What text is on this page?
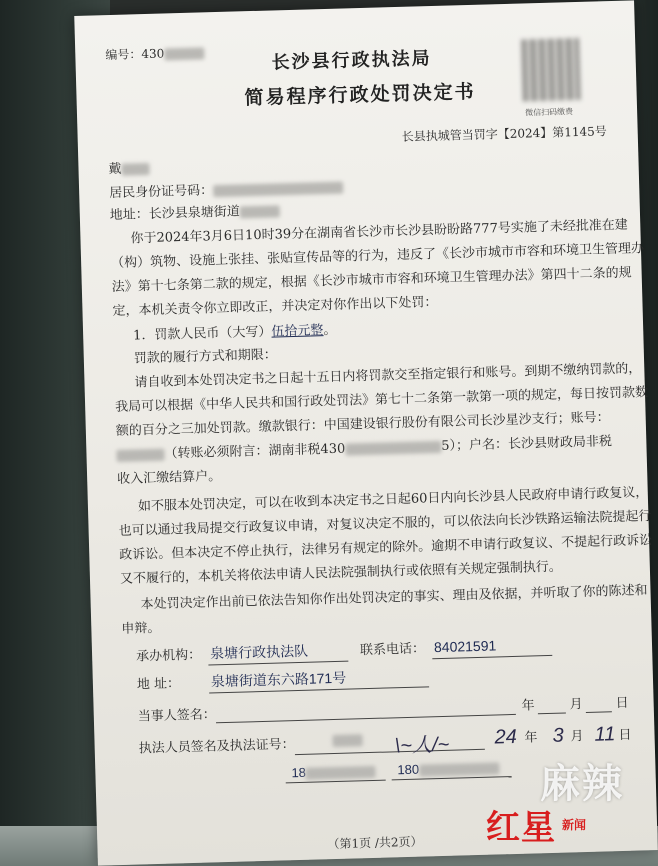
编号：430	长沙县行政执法局
简易程序行政处罚决定书
微信扫码缴费
长县执城管当罚字【2024】第1145号
戴
居民身份证号码：
地址：长沙县泉塘街道
你于2024年3月6日10时39分在湖南省长沙市长沙县盼盼路777号实施了未经批准在建
（构）筑物、设施上张挂、张贴宣传品等的行为，违反了《长沙市城市市容和环境卫生管理办
法》第十七条第二款的规定，根据《长沙市城市市容和环境卫生管理办法》第四十二条的规
定，本机关责令你立即改正，并决定对你作出以下处罚：
1．罚款人民币（大写）伍拾元整。
罚款的履行方式和期限：
请自收到本处罚决定书之日起十五日内将罚款交至指定银行和账号。到期不缴纳罚款的，
我局可以根据《中华人民共和国行政处罚法》第七十二条第一款第一项的规定，每日按罚款数
额的百分之三加处罚款。缴款银行：中国建设银行股份有限公司长沙星沙支行；账号：
（转账必须附言：湖南非税430	5）；户名：长沙县财政局非税
收入汇缴结算户。
如不服本处罚决定，可以在收到本决定书之日起60日内向长沙县人民政府申请行政复议，
也可以通过我局提交行政复议申请，对复议决定不服的，可以依法向长沙铁路运输法院提起行
政诉讼。但本决定不停止执行，法律另有规定的除外。逾期不申请行政复议、不提起行政诉讼
又不履行的，本机关将依法申请人民法院强制执行或依照有关规定强制执行。
本处罚决定作出前已依法告知你作出处罚决定的事实、理由及依据，并听取了你的陈述和
申辩。
承办机构： 泉塘行政执法队	联系电话： 84021591
地 址： 泉塘街道东六路171号
当事人签名：
年	月	日
执法人员签名及执法证号：	\~人/~ 24 年 3 月 11 日
18	180
（第1页 /共2页）
麻辣
红星 新闻
